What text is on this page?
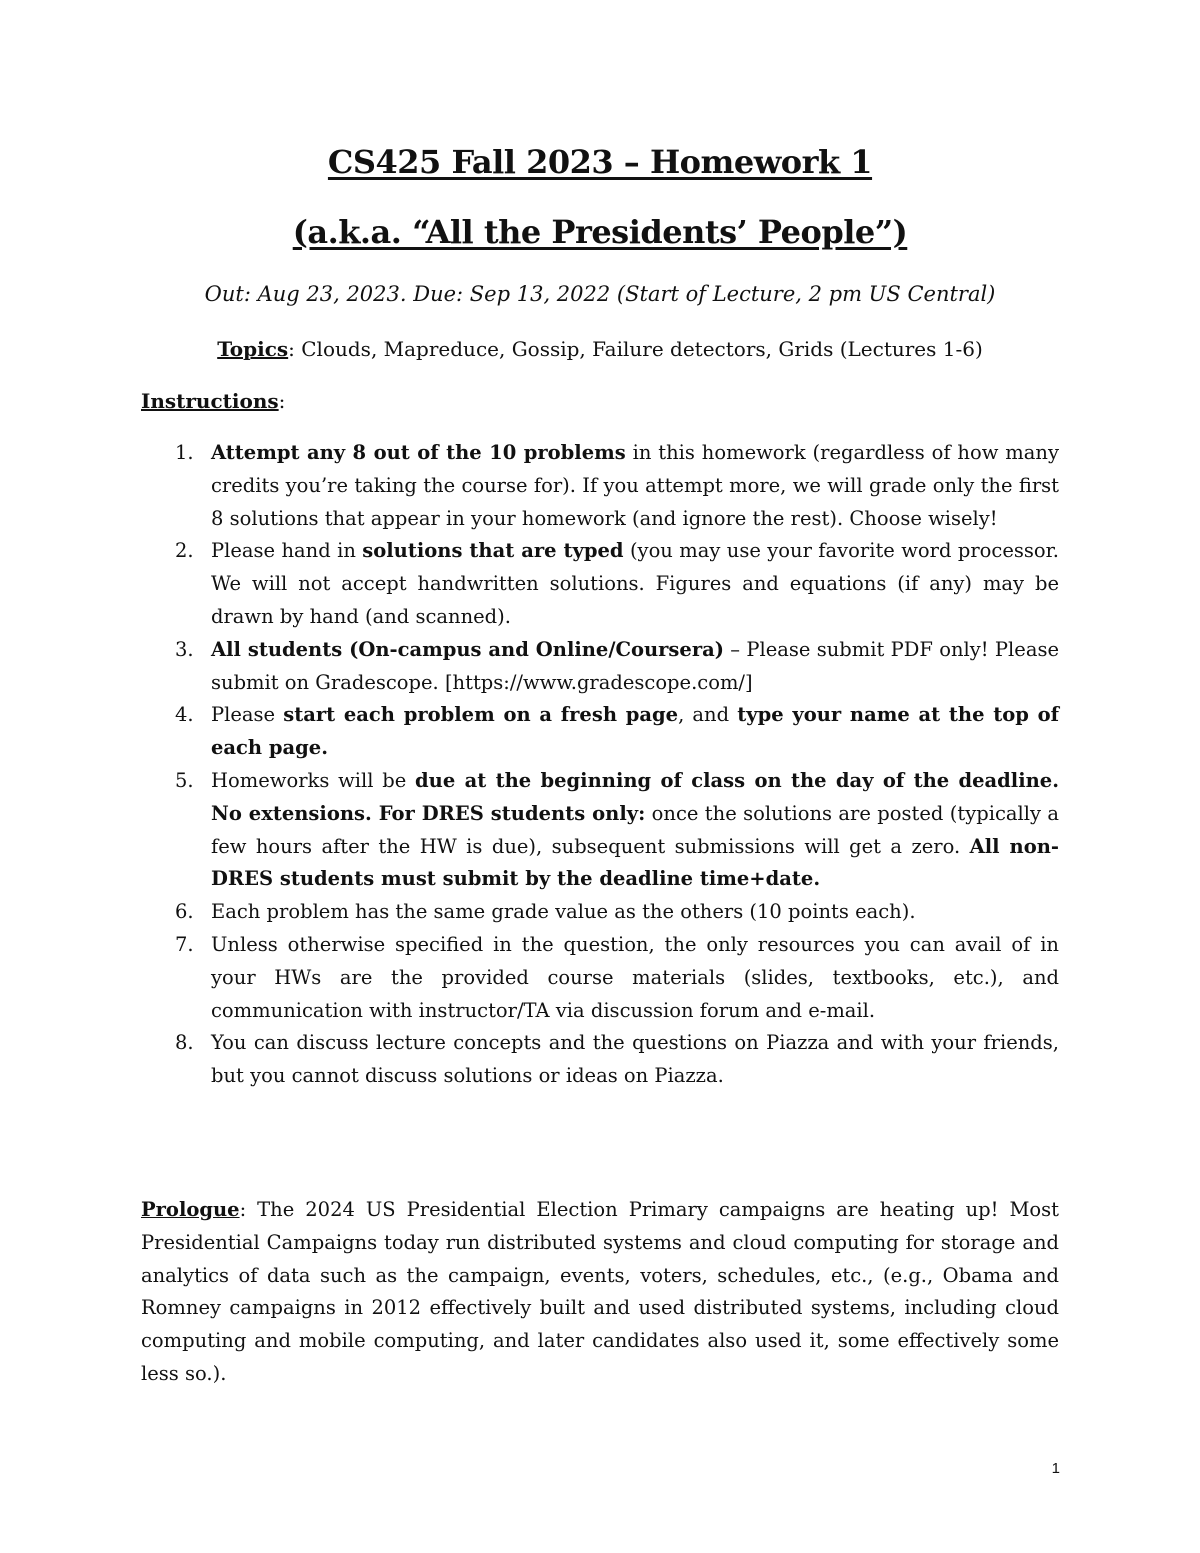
CS425 Fall 2023 – Homework 1
(a.k.a. “All the Presidents’ People”)
Out: Aug 23, 2023. Due: Sep 13, 2022 (Start of Lecture, 2 pm US Central)
Topics: Clouds, Mapreduce, Gossip, Failure detectors, Grids (Lectures 1-6)
Instructions:
1. Attempt any 8 out of the 10 problems in this homework (regardless of how many credits you’re taking the course for). If you attempt more, we will grade only the first 8 solutions that appear in your homework (and ignore the rest). Choose wisely!
2. Please hand in solutions that are typed (you may use your favorite word processor. We will not accept handwritten solutions. Figures and equations (if any) may be drawn by hand (and scanned).
3. All students (On-campus and Online/Coursera) – Please submit PDF only! Please submit on Gradescope. [https://www.gradescope.com/]
4. Please start each problem on a fresh page, and type your name at the top of each page.
5. Homeworks will be due at the beginning of class on the day of the deadline. No extensions. For DRES students only: once the solutions are posted (typically a few hours after the HW is due), subsequent submissions will get a zero. All non-DRES students must submit by the deadline time+date.
6. Each problem has the same grade value as the others (10 points each).
7. Unless otherwise specified in the question, the only resources you can avail of in your HWs are the provided course materials (slides, textbooks, etc.), and communication with instructor/TA via discussion forum and e-mail.
8. You can discuss lecture concepts and the questions on Piazza and with your friends, but you cannot discuss solutions or ideas on Piazza.

Prologue: The 2024 US Presidential Election Primary campaigns are heating up! Most Presidential Campaigns today run distributed systems and cloud computing for storage and analytics of data such as the campaign, events, voters, schedules, etc., (e.g., Obama and Romney campaigns in 2012 effectively built and used distributed systems, including cloud computing and mobile computing, and later candidates also used it, some effectively some less so.).

1
